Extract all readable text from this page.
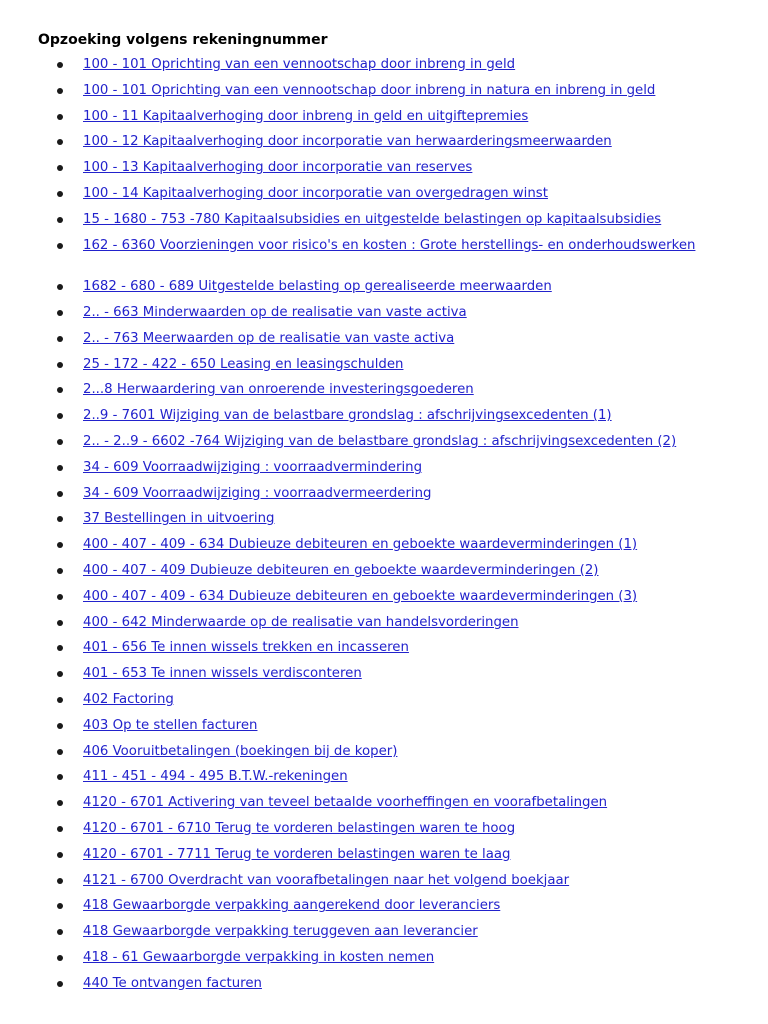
Opzoeking volgens rekeningnummer
100 - 101 Oprichting van een vennootschap door inbreng in geld
100 - 101 Oprichting van een vennootschap door inbreng in natura en inbreng in geld
100 - 11 Kapitaalverhoging door inbreng in geld en uitgiftepremies
100 - 12 Kapitaalverhoging door incorporatie van herwaarderingsmeerwaarden
100 - 13 Kapitaalverhoging door incorporatie van reserves
100 - 14 Kapitaalverhoging door incorporatie van overgedragen winst
15 - 1680 - 753 -780 Kapitaalsubsidies en uitgestelde belastingen op kapitaalsubsidies
162 - 6360 Voorzieningen voor risico's en kosten : Grote herstellings- en onderhoudswerken
1682 - 680 - 689 Uitgestelde belasting op gerealiseerde meerwaarden
2.. - 663 Minderwaarden op de realisatie van vaste activa
2.. - 763 Meerwaarden op de realisatie van vaste activa
25 - 172 - 422 - 650 Leasing en leasingschulden
2...8 Herwaardering van onroerende investeringsgoederen
2..9 - 7601 Wijziging van de belastbare grondslag : afschrijvingsexcedenten (1)
2.. - 2..9 - 6602 -764 Wijziging van de belastbare grondslag : afschrijvingsexcedenten (2)
34 - 609 Voorraadwijziging : voorraadvermindering
34 - 609 Voorraadwijziging : voorraadvermeerdering
37 Bestellingen in uitvoering
400 - 407 - 409 - 634 Dubieuze debiteuren en geboekte waardeverminderingen (1)
400 - 407 - 409 Dubieuze debiteuren en geboekte waardeverminderingen (2)
400 - 407 - 409 - 634 Dubieuze debiteuren en geboekte waardeverminderingen (3)
400 - 642 Minderwaarde op de realisatie van handelsvorderingen
401 - 656 Te innen wissels trekken en incasseren
401 - 653 Te innen wissels verdisconteren
402 Factoring
403 Op te stellen facturen
406 Vooruitbetalingen (boekingen bij de koper)
411 - 451 - 494 - 495 B.T.W.-rekeningen
4120 - 6701 Activering van teveel betaalde voorheffingen en voorafbetalingen
4120 - 6701 - 6710 Terug te vorderen belastingen waren te hoog
4120 - 6701 - 7711 Terug te vorderen belastingen waren te laag
4121 - 6700 Overdracht van voorafbetalingen naar het volgend boekjaar
418 Gewaarborgde verpakking aangerekend door leveranciers
418 Gewaarborgde verpakking teruggeven aan leverancier
418 - 61 Gewaarborgde verpakking in kosten nemen
440 Te ontvangen facturen
